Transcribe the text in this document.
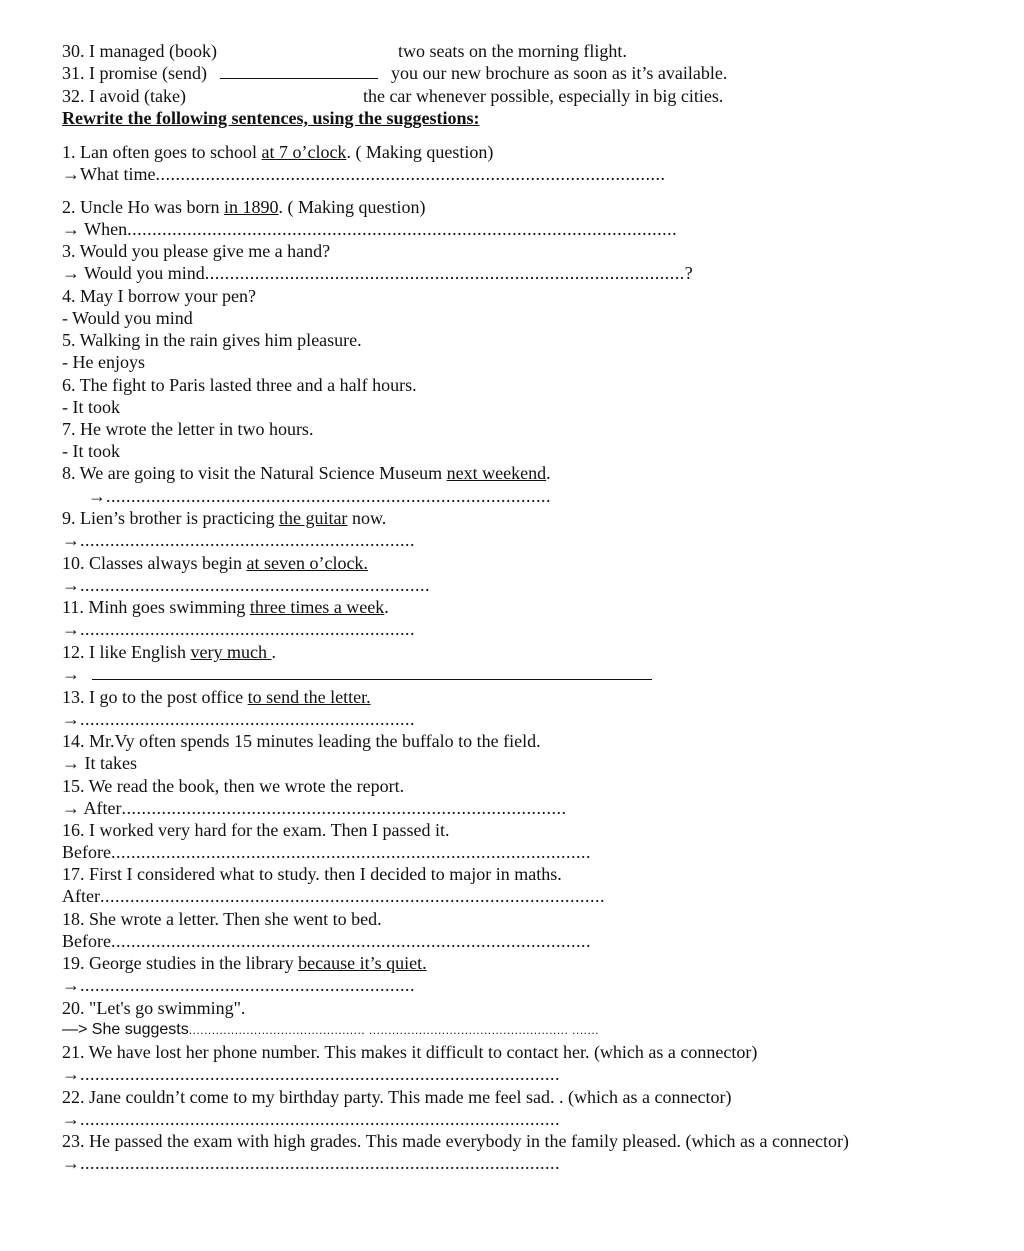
30. I managed (book)	two seats on the morning flight.
31. I promise (send)	you our new brochure as soon as it’s available.
32. I avoid (take)	the car whenever possible, especially in big cities.
Rewrite the following sentences, using the suggestions:
1. Lan often goes to school at 7 o’clock. ( Making question)
→What time......................................................................................................
2. Uncle Ho was born in 1890. ( Making question)
→ When..............................................................................................................
3. Would you please give me a hand?
→ Would you mind................................................................................................?
4. May I borrow your pen?
- Would you mind
5. Walking in the rain gives him pleasure.
- He enjoys
6. The fight to Paris lasted three and a half hours.
- It took
7. He wrote the letter in two hours.
- It took
8. We are going to visit the Natural Science Museum next weekend.
→.........................................................................................
9. Lien’s brother is practicing the guitar now.
→...................................................................
10. Classes always begin at seven o’clock.
→......................................................................
11. Minh goes swimming three times a week.
→...................................................................
12. I like English very much .
→
13. I go to the post office to send the letter.
→...................................................................
14. Mr.Vy often spends 15 minutes leading the buffalo to the field.
→ It takes
15. We read the book, then we wrote the report.
→ After.........................................................................................
16. I worked very hard for the exam. Then I passed it.
Before................................................................................................
17. First I considered what to study. then I decided to major in maths.
After.....................................................................................................
18. She wrote a letter. Then she went to bed.
Before................................................................................................
19. George studies in the library because it’s quiet.
→...................................................................
20. "Let's go swimming".
—> She suggests.............................................. .................................................... .......
21. We have lost her phone number. This makes it difficult to contact her. (which as a connector)
→................................................................................................
22. Jane couldn’t come to my birthday party. This made me feel sad. . (which as a connector)
→................................................................................................
23. He passed the exam with high grades. This made everybody in the family pleased. (which as a connector)
→................................................................................................
